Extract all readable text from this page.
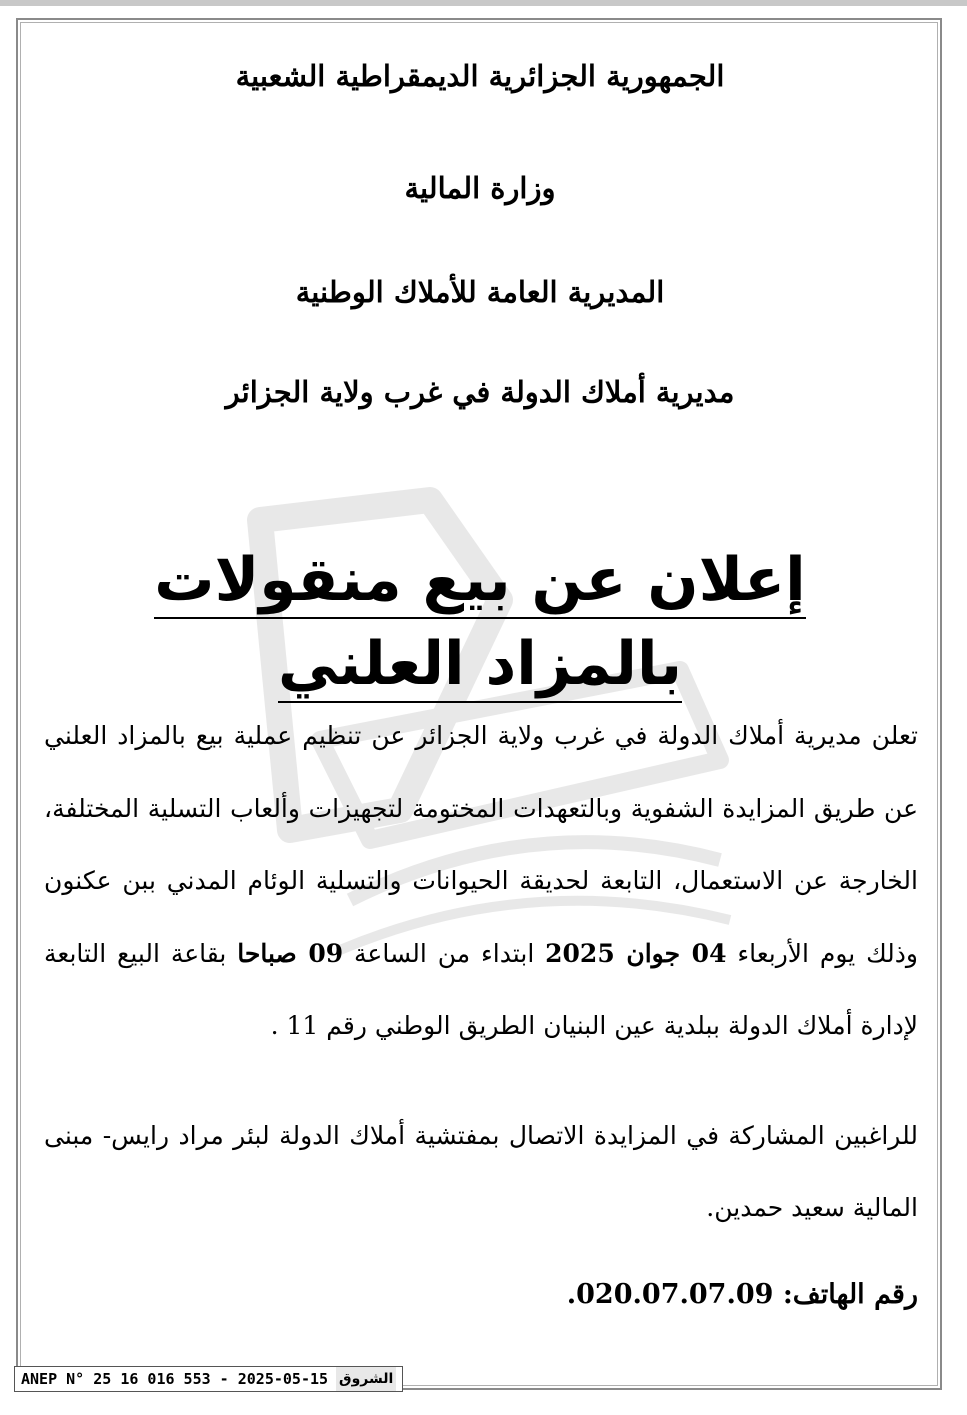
الجمهورية الجزائرية الديمقراطية الشعبية
وزارة المالية
المديرية العامة للأملاك الوطنية
مديرية أملاك الدولة في غرب ولاية الجزائر
إعلان عن بيع منقولات بالمزاد العلني
تعلن مديرية أملاك الدولة في غرب ولاية الجزائر عن تنظيم عملية بيع بالمزاد العلني عن طريق المزايدة الشفوية وبالتعهدات المختومة لتجهيزات وألعاب التسلية المختلفة، الخارجة عن الاستعمال، التابعة لحديقة الحيوانات والتسلية الوئام المدني ببن عكنون وذلك يوم الأربعاء 04 جوان 2025 ابتداء من الساعة 09 صباحا بقاعة البيع التابعة لإدارة أملاك الدولة ببلدية عين البنيان الطريق الوطني رقم 11 .
للراغبين المشاركة في المزايدة الاتصال بمفتشية أملاك الدولة لبئر مراد رايس- مبنى المالية سعيد حمدين.
رقم الهاتف: .020.07.07.09
ANEP N° 25 16 016 553 - 2025-05-15 الشروق
